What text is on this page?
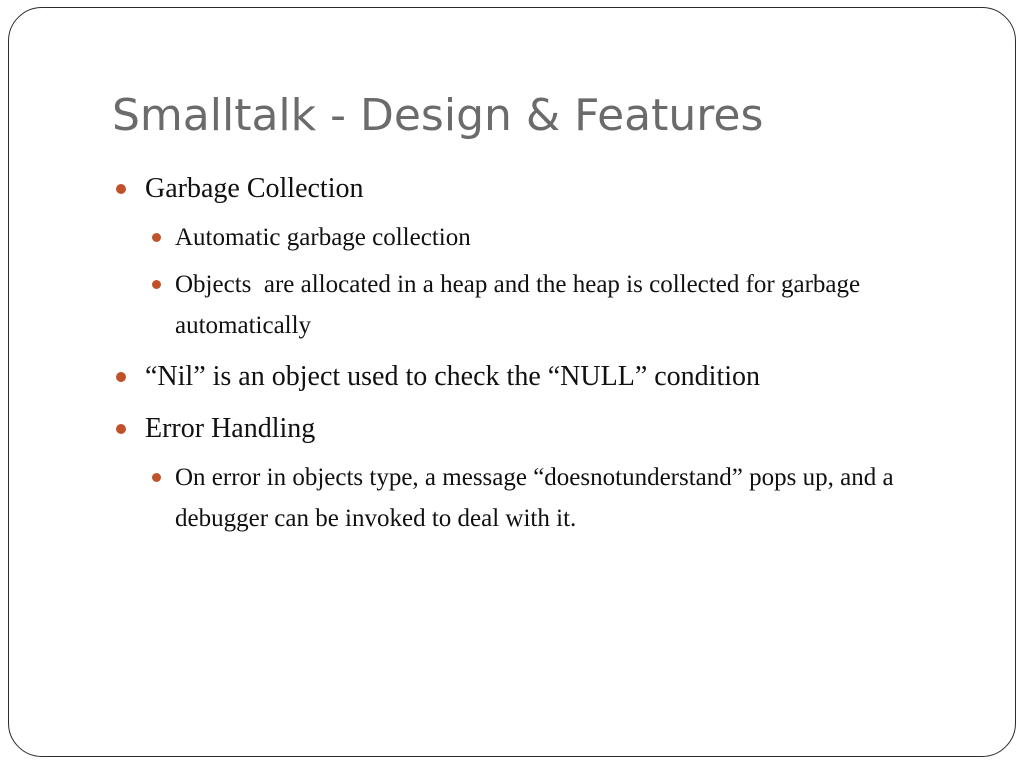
Smalltalk - Design & Features
Garbage Collection
Automatic garbage collection
Objects  are allocated in a heap and the heap is collected for garbage automatically
“Nil” is an object used to check the “NULL” condition
Error Handling
On error in objects type, a message “doesnotunderstand” pops up, and a debugger can be invoked to deal with it.
